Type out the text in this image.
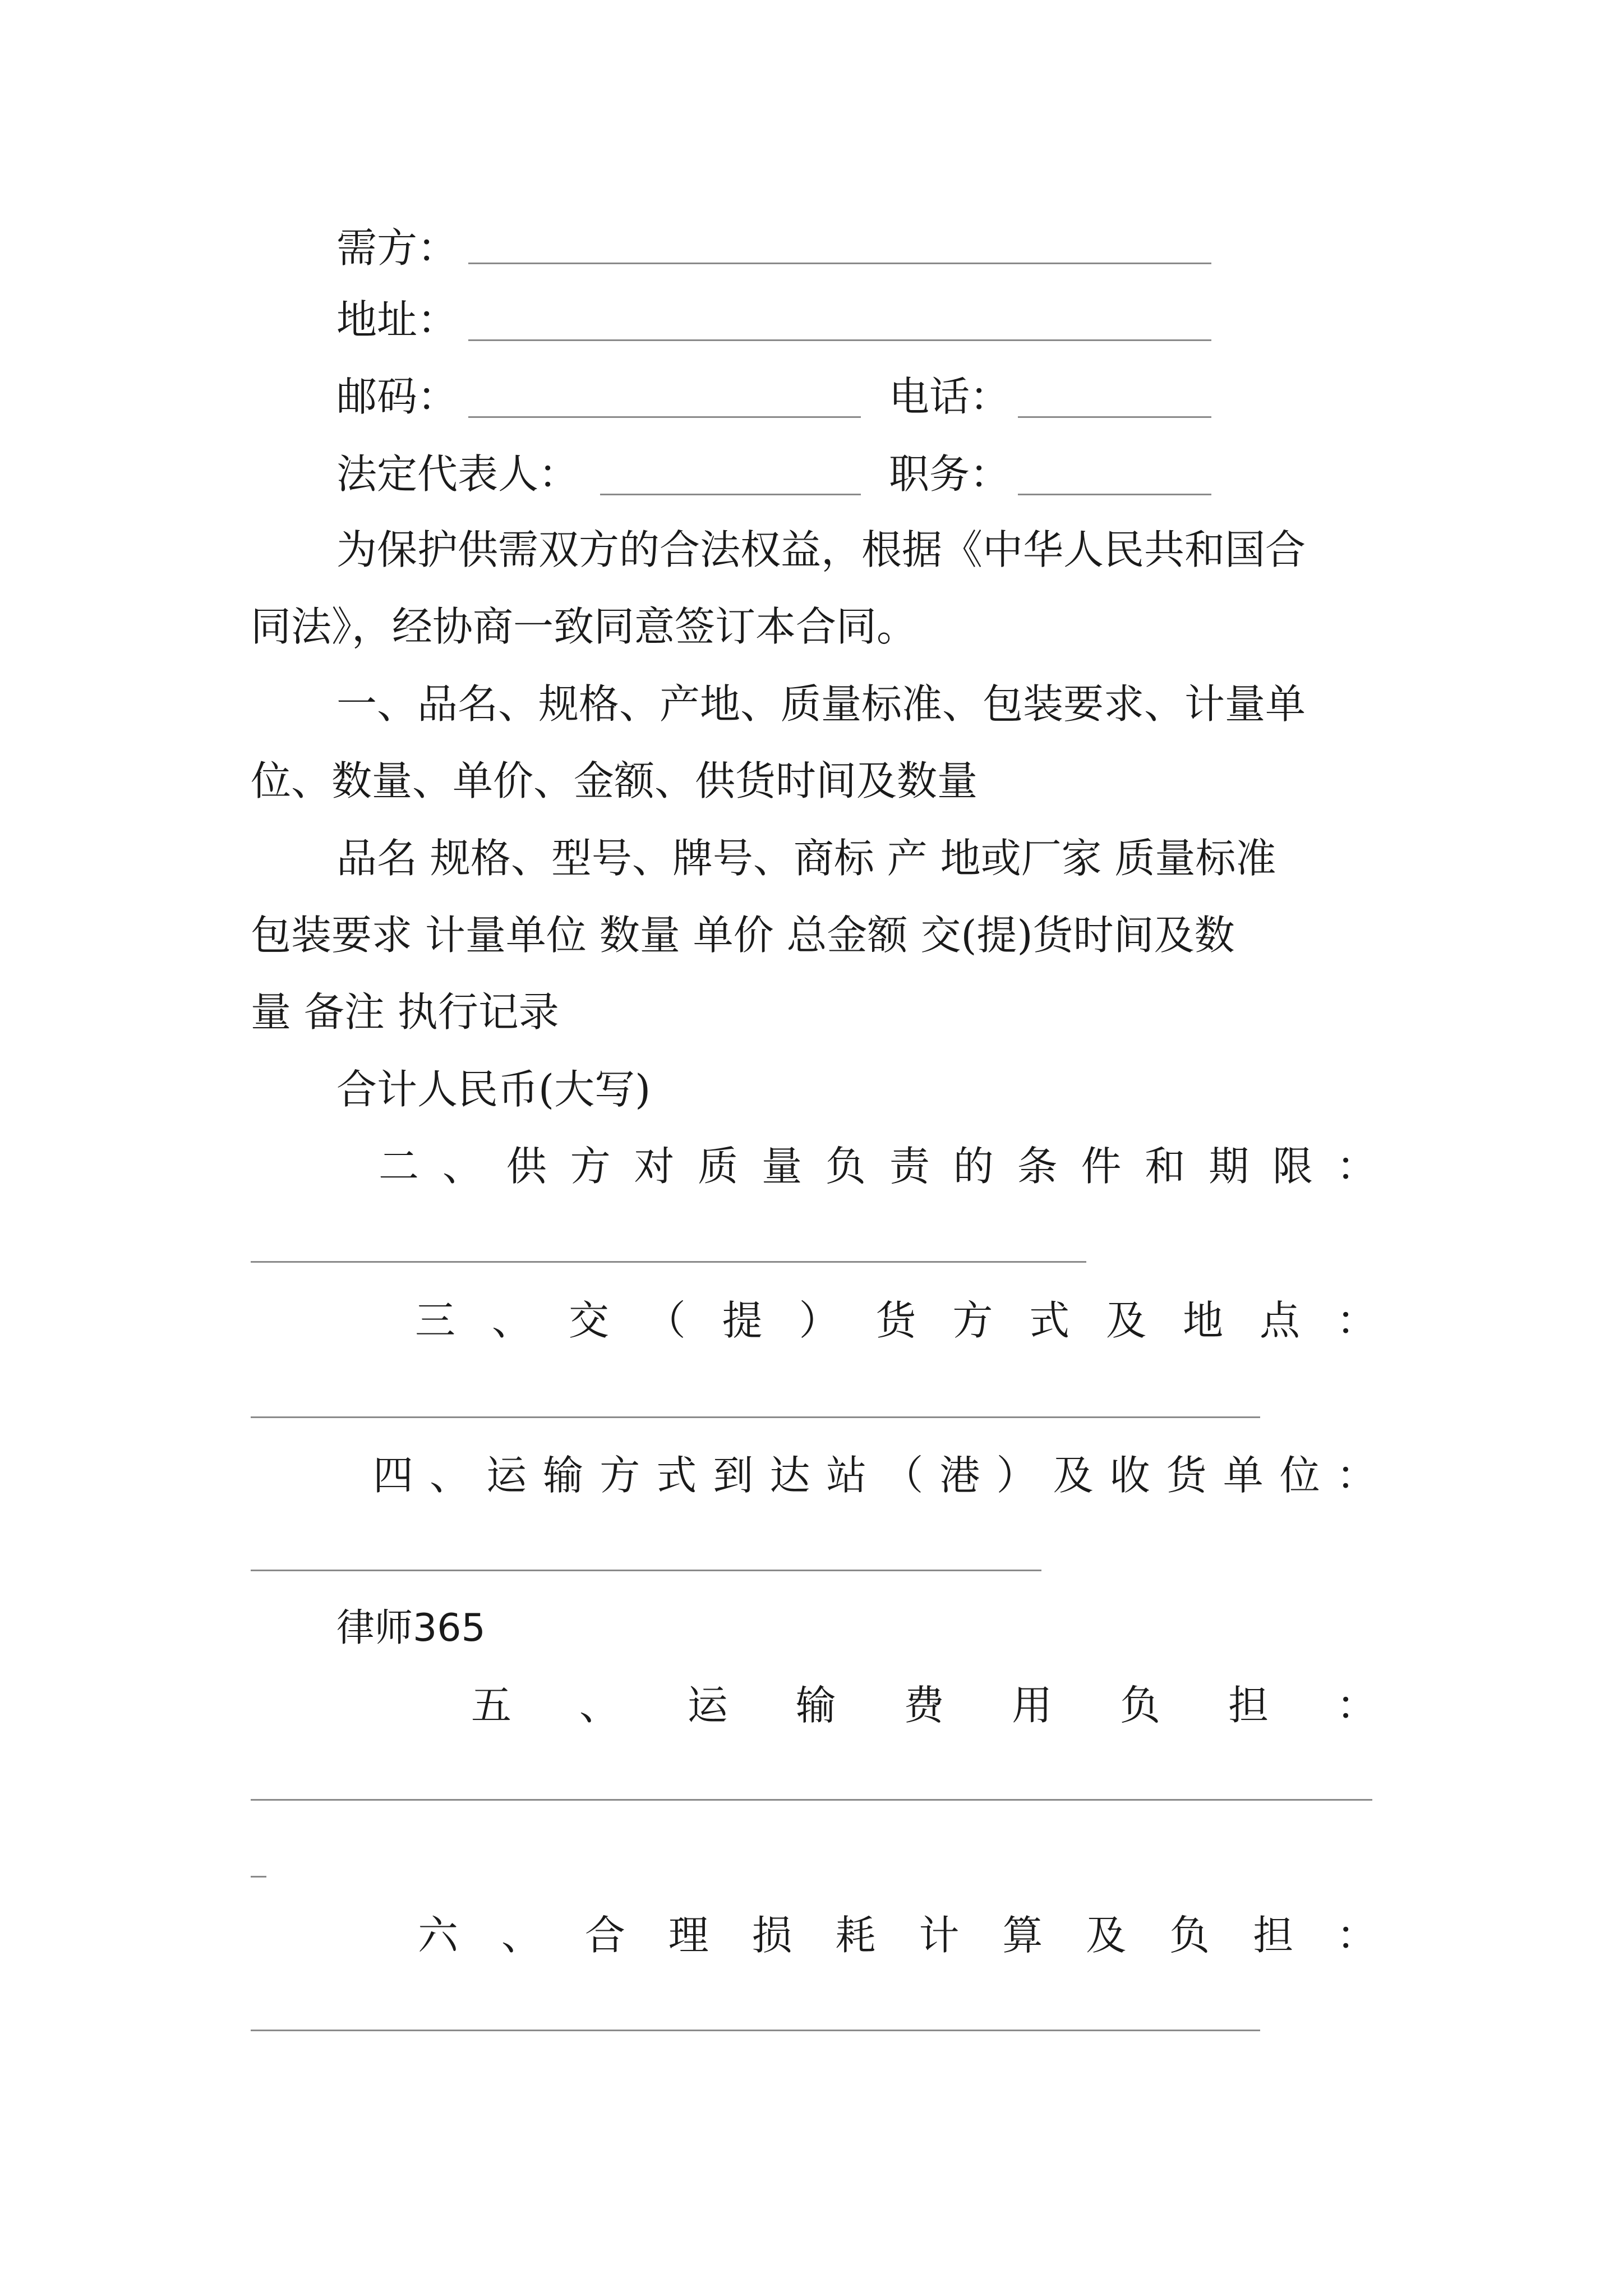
需方：
地址：
邮码：	电话：
法定代表人：	职务：
为保护供需双方的合法权益，根据《中华人民共和国合
同法》，经协商一致同意签订本合同。
一、品名、规格、产地、质量标准、包装要求、计量单
位、数量、单价、金额、供货时间及数量
品名 规格、型号、牌号、商标 产 地或厂家 质量标准
包装要求 计量单位 数量 单价 总金额 交(提)货时间及数
量 备注 执行记录
合计人民币(大写)
二 、 供 方 对 质 量 负 责 的 条 件 和 期 限 ：
三 、 交 （ 提 ） 货 方 式 及 地 点 ：
四 、 运 输 方 式 到 达 站 （ 港 ） 及 收 货 单 位 ：
律师365
五 、 运 输 费 用 负 担 ：
六 、 合 理 损 耗 计 算 及 负 担 ：
